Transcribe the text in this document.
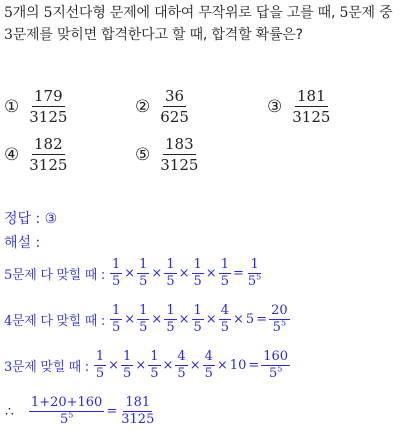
5개의 5지선다형 문제에 대하여 무작위로 답을 고를 때, 5문제 중
3문제를 맞히면 합격한다고 할 때, 합격할 확률은?
① $\frac{179}{3125}$	② $\frac{36}{625}$	③ $\frac{181}{3125}$
④ $\frac{182}{3125}$	⑤ $\frac{183}{3125}$
정답 : ③
해설 :
5문제 다 맞힐 때 : $\frac{1}{5} \times \frac{1}{5} \times \frac{1}{5} \times \frac{1}{5} \times \frac{1}{5} = \frac{1}{5^5}$
4문제 다 맞힐 때 : $\frac{1}{5} \times \frac{1}{5} \times \frac{1}{5} \times \frac{1}{5} \times \frac{4}{5} \times 5 = \frac{20}{5^5}$
3문제 맞힐 때 : $\frac{1}{5} \times \frac{1}{5} \times \frac{1}{5} \times \frac{4}{5} \times \frac{4}{5} \times 10 = \frac{160}{5^5}$
∴ $\frac{1+20+160}{5^5} = \frac{181}{3125}$
